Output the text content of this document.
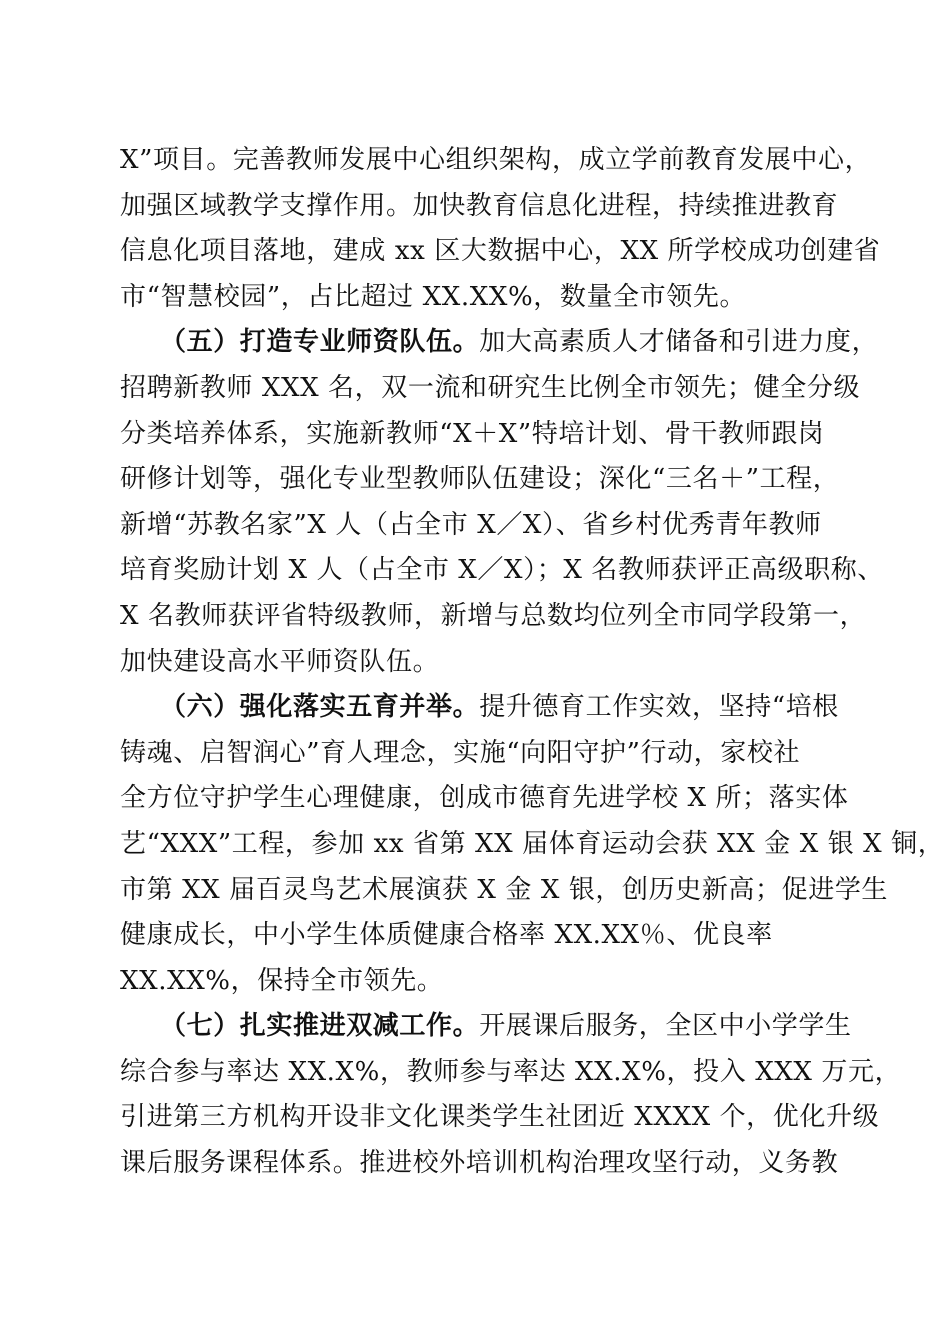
X”项目。完善教师发展中心组织架构，成立学前教育发展中心，
加强区域教学支撑作用。加快教育信息化进程，持续推进教育
信息化项目落地，建成 xx 区大数据中心，XX 所学校成功创建省
市“智慧校园”，占比超过 XX.XX%，数量全市领先。
（五）打造专业师资队伍。加大高素质人才储备和引进力度，
招聘新教师 XXX 名，双一流和研究生比例全市领先；健全分级
分类培养体系，实施新教师“X＋X”特培计划、骨干教师跟岗
研修计划等，强化专业型教师队伍建设；深化“三名＋”工程，
新增“苏教名家”X 人（占全市 X／X）、省乡村优秀青年教师
培育奖励计划 X 人（占全市 X／X）；X 名教师获评正高级职称、
X 名教师获评省特级教师，新增与总数均位列全市同学段第一，
加快建设高水平师资队伍。
（六）强化落实五育并举。提升德育工作实效，坚持“培根
铸魂、启智润心”育人理念，实施“向阳守护”行动，家校社
全方位守护学生心理健康，创成市德育先进学校 X 所；落实体
艺“XXX”工程，参加 xx 省第 XX 届体育运动会获 XX 金 X 银 X 铜，
市第 XX 届百灵鸟艺术展演获 X 金 X 银，创历史新高；促进学生
健康成长，中小学生体质健康合格率 XX.XX％、优良率
XX.XX%，保持全市领先。
（七）扎实推进双减工作。开展课后服务，全区中小学学生
综合参与率达 XX.X%，教师参与率达 XX.X%，投入 XXX 万元，
引进第三方机构开设非文化课类学生社团近 XXXX 个，优化升级
课后服务课程体系。推进校外培训机构治理攻坚行动，义务教
